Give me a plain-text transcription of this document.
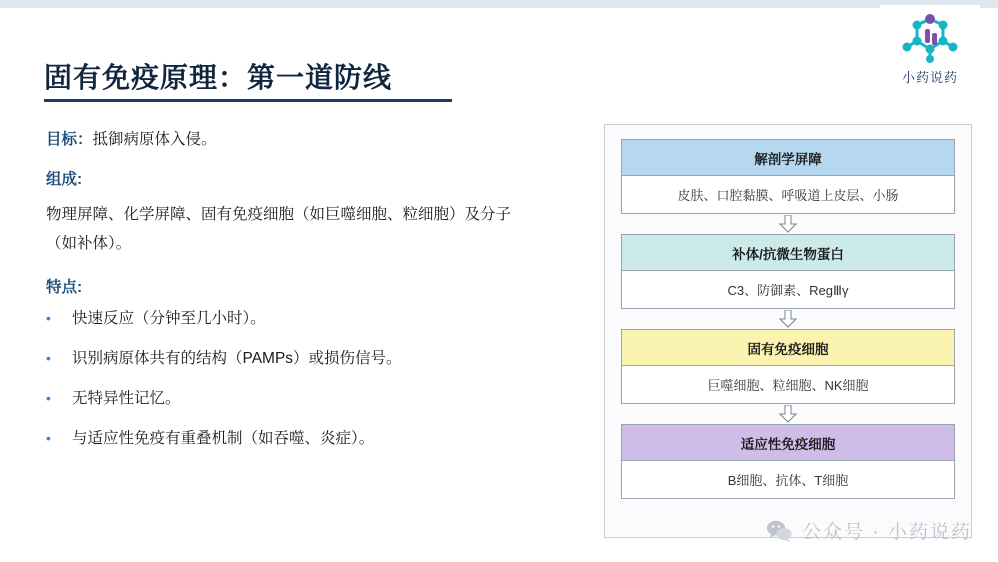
小药说药
固有免疫原理：第一道防线
目标：抵御病原体入侵。
组成:
物理屏障、化学屏障、固有免疫细胞（如巨噬细胞、粒细胞）及分子（如补体）。
特点:
•	快速反应（分钟至几小时）。
•	识别病原体共有的结构（PAMPs）或损伤信号。
•	无特异性记忆。
•	与适应性免疫有重叠机制（如吞噬、炎症）。
解剖学屏障
皮肤、口腔黏膜、呼吸道上皮层、小肠
补体/抗微生物蛋白
C3、防御素、RegⅢγ
固有免疫细胞
巨噬细胞、粒细胞、NK细胞
适应性免疫细胞
B细胞、抗体、T细胞
公众号 · 小药说药
